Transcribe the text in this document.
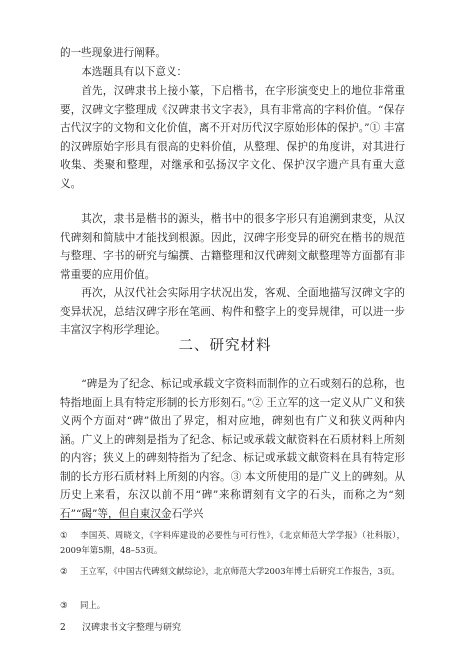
的一些现象进行阐释。

本选题具有以下意义：

首先，汉碑隶书上接小篆，下启楷书，在字形演变史上的地位非常重要，汉碑文字整理成《汉碑隶书文字表》，具有非常高的字料价值。“保存古代汉字的文物和文化价值，离不开对历代汉字原始形体的保护。”① 丰富的汉碑原始字形具有很高的史料价值，从整理、保护的角度讲，对其进行收集、类聚和整理，对继承和弘扬汉字文化、保护汉字遗产具有重大意义。

其次，隶书是楷书的源头，楷书中的很多字形只有追溯到隶变，从汉代碑刻和简牍中才能找到根源。因此，汉碑字形变异的研究在楷书的规范与整理、字书的研究与编撰、古籍整理和汉代碑刻文献整理等方面都有非常重要的应用价值。

再次，从汉代社会实际用字状况出发，客观、全面地描写汉碑文字的变异状况，总结汉碑字形在笔画、构件和整字上的变异规律，可以进一步丰富汉字构形学理论。

二、研究材料

“碑是为了纪念、标记或承载文字资料而制作的立石或刻石的总称，也特指地面上具有特定形制的长方形刻石。”② 王立军的这一定义从广义和狭义两个方面对“碑”做出了界定，相对应地，碑刻也有广义和狭义两种内涵。广义上的碑刻是指为了纪念、标记或承载文献资料在石质材料上所刻的内容；狭义上的碑刻特指为了纪念、标记或承载文献资料在具有特定形制的长方形石质材料上所刻的内容。③ 本文所使用的是广义上的碑刻。从历史上来看，东汉以前不用“碑”来称谓刻有文字的石头，而称之为“刻石”“碣”等，但自東汉金石学兴

① 李国英、周晓文，《字料库建设的必要性与可行性》，《北京师范大学学报》（社科版），2009年第5期，48–53页。

② 王立军，《中国古代碑刻文献综论》，北京师范大学2003年博士后研究工作报告，3页。

③ 同上。

2 汉碑隶书文字整理与研究
